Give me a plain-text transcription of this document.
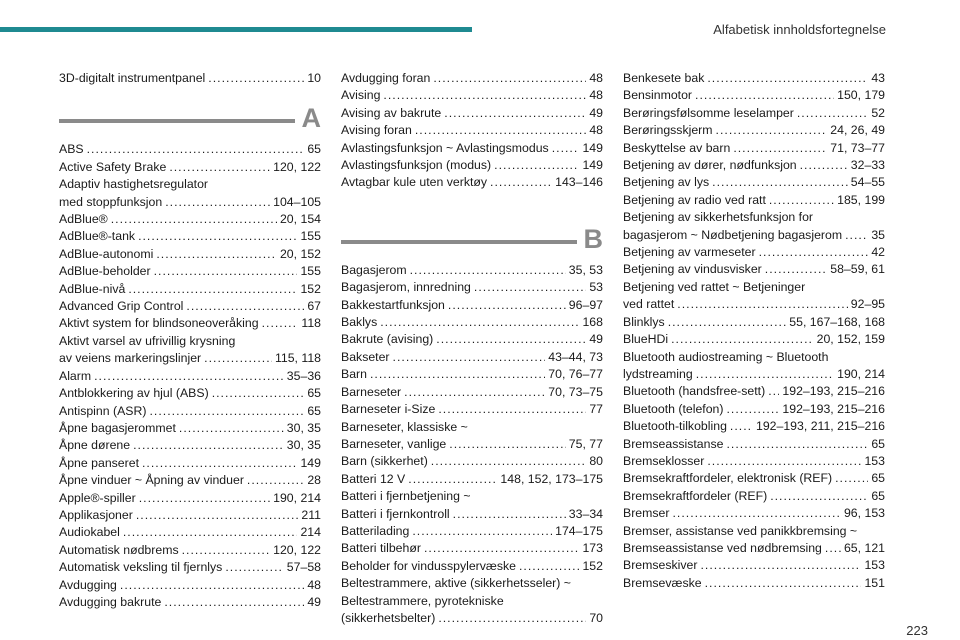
Alfabetisk innholdsfortegnelse
3D-digitalt instrumentpanel . . .	10
A
ABS . . .	65
Active Safety Brake . . .	120, 122
Adaptiv hastighetsregulator
med stoppfunksjon . . .	104–105
AdBlue® . . .	20, 154
AdBlue®-tank . . .	155
AdBlue-autonomi . . .	20, 152
AdBlue-beholder . . .	155
AdBlue-nivå . . .	152
Advanced Grip Control . . .	67
Aktivt system for blindsoneoveråking . . .	118
Aktivt varsel av ufrivillig krysning
av veiens markeringslinjer . . .	115, 118
Alarm . . .	35–36
Antblokkering av hjul (ABS) . . .	65
Antispinn (ASR) . . .	65
Åpne bagasjerommet . . .	30, 35
Åpne dørene . . .	30, 35
Åpne panseret . . .	149
Åpne vinduer ~ Åpning av vinduer . . .	28
Apple®-spiller . . .	190, 214
Applikasjoner . . .	211
Audiokabel . . .	214
Automatisk nødbrems . . .	120, 122
Automatisk veksling til fjernlys . . .	57–58
Avdugging . . .	48
Avdugging bakrute . . .	49
Avdugging foran . . .	48
Avising . . .	48
Avising av bakrute . . .	49
Avising foran . . .	48
Avlastingsfunksjon ~ Avlastingsmodus . . .	149
Avlastingsfunksjon (modus) . . .	149
Avtagbar kule uten verktøy . . .	143–146
B
Bagasjerom . . .	35, 53
Bagasjerom, innredning . . .	53
Bakkestartfunksjon . . .	96–97
Baklys . . .	168
Bakrute (avising) . . .	49
Bakseter . . .	43–44, 73
Barn . . .	70, 76–77
Barneseter . . .	70, 73–75
Barneseter i-Size . . .	77
Barneseter, klassiske ~
Barneseter, vanlige . . .	75, 77
Barn (sikkerhet) . . .	80
Batteri 12 V . . .	148, 152, 173–175
Batteri i fjernbetjening ~
Batteri i fjernkontroll . . .	33–34
Batterilading . . .	174–175
Batteri tilbehør . . .	173
Beholder for vindusspylervæske . . .	152
Beltestrammere, aktive (sikkerhetsseler) ~
Beltestrammere, pyrotekniske
(sikkerhetsbelter) . . .	70
Benkesete bak . . .	43
Bensinmotor . . .	150, 179
Berøringsfølsomme leselamper . . .	52
Berøringsskjerm . . .	24, 26, 49
Beskyttelse av barn . . .	71, 73–77
Betjening av dører, nødfunksjon . . .	32–33
Betjening av lys . . .	54–55
Betjening av radio ved ratt . . .	185, 199
Betjening av sikkerhetsfunksjon for
bagasjerom ~ Nødbetjening bagasjerom . . . 35
Betjening av varmeseter . . .	42
Betjening av vindusvisker . . .	58–59, 61
Betjening ved rattet ~ Betjeninger
ved rattet . . .	92–95
Blinklys . . .	55, 167–168, 168
BlueHDi . . .	20, 152, 159
Bluetooth audiostreaming ~ Bluetooth
lydstreaming . . .	190, 214
Bluetooth (handsfree-sett) . . . 192–193, 215–216
Bluetooth (telefon) . . .	192–193, 215–216
Bluetooth-tilkobling . . . 192–193, 211, 215–216
Bremseassistanse . . .	65
Bremseklosser . . .	153
Bremsekraftfordeler, elektronisk (REF) . . .	65
Bremsekraftfordeler (REF) . . .	65
Bremser . . .	96, 153
Bremser, assistanse ved panikkbremsing ~
Bremseassistanse ved nødbremsing . . . 65, 121
Bremseskiver . . .	153
Bremsevæske . . .	151
223
